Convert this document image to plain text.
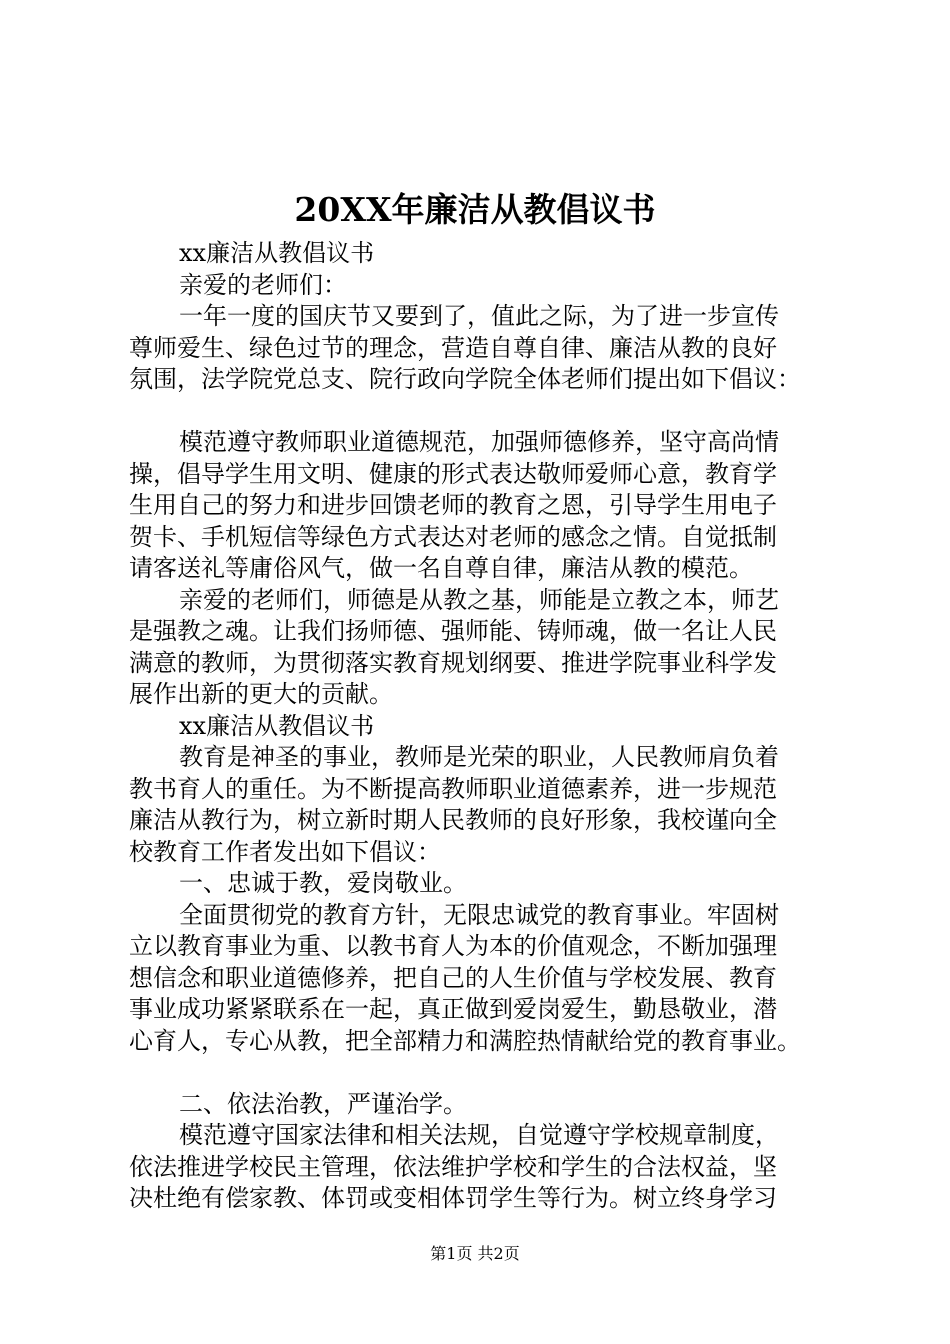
20XX年廉洁从教倡议书
xx廉洁从教倡议书
亲爱的老师们：
一年一度的国庆节又要到了，值此之际，为了进一步宣传
尊师爱生、绿色过节的理念，营造自尊自律、廉洁从教的良好
氛围，法学院党总支、院行政向学院全体老师们提出如下倡议：
模范遵守教师职业道德规范，加强师德修养，坚守高尚情
操，倡导学生用文明、健康的形式表达敬师爱师心意，教育学
生用自己的努力和进步回馈老师的教育之恩，引导学生用电子
贺卡、手机短信等绿色方式表达对老师的感念之情。自觉抵制
请客送礼等庸俗风气，做一名自尊自律，廉洁从教的模范。
亲爱的老师们，师德是从教之基，师能是立教之本，师艺
是强教之魂。让我们扬师德、强师能、铸师魂，做一名让人民
满意的教师，为贯彻落实教育规划纲要、推进学院事业科学发
展作出新的更大的贡献。
xx廉洁从教倡议书
教育是神圣的事业，教师是光荣的职业，人民教师肩负着
教书育人的重任。为不断提高教师职业道德素养，进一步规范
廉洁从教行为，树立新时期人民教师的良好形象，我校谨向全
校教育工作者发出如下倡议：
一、忠诚于教，爱岗敬业。
全面贯彻党的教育方针，无限忠诚党的教育事业。牢固树
立以教育事业为重、以教书育人为本的价值观念，不断加强理
想信念和职业道德修养，把自己的人生价值与学校发展、教育
事业成功紧紧联系在一起，真正做到爱岗爱生，勤恳敬业，潜
心育人，专心从教，把全部精力和满腔热情献给党的教育事业。
二、依法治教，严谨治学。
模范遵守国家法律和相关法规，自觉遵守学校规章制度，
依法推进学校民主管理，依法维护学校和学生的合法权益，坚
决杜绝有偿家教、体罚或变相体罚学生等行为。树立终身学习
第1页 共2页
